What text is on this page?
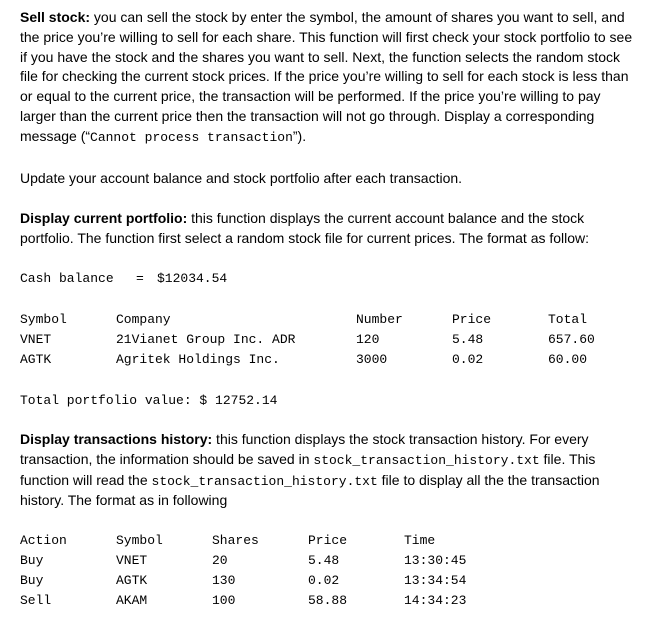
Sell stock: you can sell the stock by enter the symbol, the amount of shares you want to sell, and the price you’re willing to sell for each share. This function will first check your stock portfolio to see if you have the stock and the shares you want to sell. Next, the function selects the random stock file for checking the current stock prices. If the price you’re willing to sell for each stock is less than or equal to the current price, the transaction will be performed. If the price you’re willing to pay larger than the current price then the transaction will not go through. Display a corresponding message (“Cannot process transaction”).
Update your account balance and stock portfolio after each transaction.
Display current portfolio: this function displays the current account balance and the stock portfolio. The function first select a random stock file for current prices. The format as follow:
Cash balance = $12034.54
Symbol	Company	Number	Price	Total
VNET	21Vianet Group Inc. ADR	120	5.48	657.60
AGTK	Agritek Holdings Inc.	3000	0.02	60.00
Total portfolio value: $ 12752.14
Display transactions history: this function displays the stock transaction history. For every transaction, the information should be saved in stock_transaction_history.txt file. This function will read the stock_transaction_history.txt file to display all the the transaction history. The format as in following
Action	Symbol	Shares	Price	Time
Buy	VNET	20	5.48	13:30:45
Buy	AGTK	130	0.02	13:34:54
Sell	AKAM	100	58.88	14:34:23
